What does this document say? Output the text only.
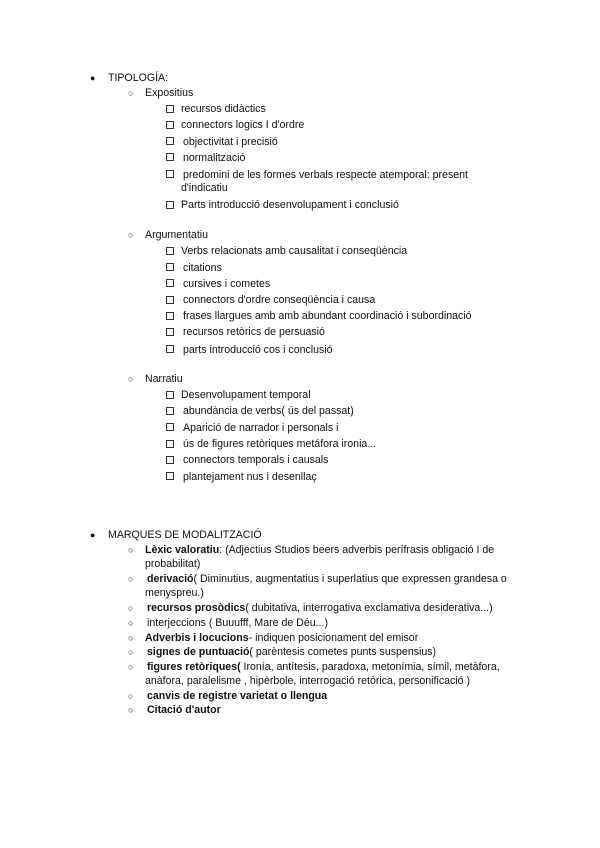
● TIPOLOGÍA:
○ Expositius
recursos didàctics
connectors logics I d'ordre
objectivitat i precisió
normalització
predomini de les formes verbals respecte atemporal: present
d'indicatiu
Parts introducció desenvolupament i conclusió
○ Argumentatiu
Verbs relacionats amb causalitat i conseqüència
citations
cursives i cometes
connectors d'ordre conseqüència i causa
frases llargues amb amb abundant coordinació i subordinació
recursos retòrics de persuasió
parts introducció cos i conclusió
○ Narratiu
Desenvolupament temporal
abundància de verbs( ús del passat)
Aparició de narrador i personals i
ús de figures retòriques metáfora ironia...
connectors temporals i causals
plantejament nus i desenllaç
● MARQUES DE MODALITZACIÓ
○ Lèxic valoratiu: (Adjectius Studios beers adverbis perífrasis obligació I de
probabilitat)
○ derivació( Diminutius, augmentatius i superlatius que expressen grandesa o
menyspreu.)
○ recursos prosòdics( dubitativa, interrogativa exclamativa desiderativa...)
○ interjeccions ( Buuufff, Mare de Déu...)
○ Adverbis i locucions- indiquen posicionament del emisor
○ signes de puntuació( parèntesis cometes punts suspensius)
○ figures retòriques( Ironía, antítesis, paradoxa, metonímia, símil, metàfora,
anàfora, paralelisme , hipèrbole, interrogació retòrica, personificació )
○ canvis de registre varietat o llengua
○ Citació d'autor
